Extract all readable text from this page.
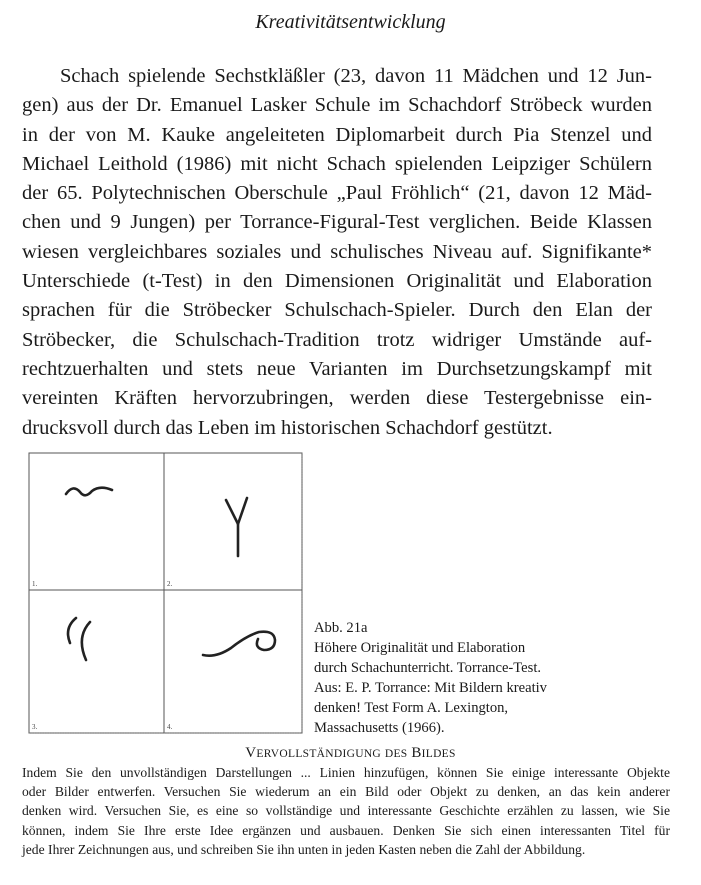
Kreativitätsentwicklung

Schach spielende Sechstkläßler (23, davon 11 Mädchen und 12 Jun-
gen) aus der Dr. Emanuel Lasker Schule im Schachdorf Ströbeck wurden
in der von M. Kauke angeleiteten Diplomarbeit durch Pia Stenzel und
Michael Leithold (1986) mit nicht Schach spielenden Leipziger Schülern
der 65. Polytechnischen Oberschule „Paul Fröhlich“ (21, davon 12 Mäd-
chen und 9 Jungen) per Torrance-Figural-Test verglichen. Beide Klassen
wiesen vergleichbares soziales und schulisches Niveau auf. Signifikante*
Unterschiede (t-Test) in den Dimensionen Originalität und Elaboration
sprachen für die Ströbecker Schulschach-Spieler. Durch den Elan der
Ströbecker, die Schulschach-Tradition trotz widriger Umstände auf-
rechtzuerhalten und stets neue Varianten im Durchsetzungskampf mit
vereinten Kräften hervorzubringen, werden diese Testergebnisse ein-
drucksvoll durch das Leben im historischen Schachdorf gestützt.

1.	2.
3.	4.

Abb. 21a
Höhere Originalität und Elaboration
durch Schachunterricht. Torrance-Test.
Aus: E. P. Torrance: Mit Bildern kreativ
denken! Test Form A. Lexington,
Massachusetts (1966).

VERVOLLSTÄNDIGUNG DES BILDES

Indem Sie den unvollständigen Darstellungen ... Linien hinzufügen, können Sie einige interessante Objekte
oder Bilder entwerfen. Versuchen Sie wiederum an ein Bild oder Objekt zu denken, an das kein anderer
denken wird. Versuchen Sie, es eine so vollständige und interessante Geschichte erzählen zu lassen, wie Sie
können, indem Sie Ihre erste Idee ergänzen und ausbauen. Denken Sie sich einen interessanten Titel für
jede Ihrer Zeichnungen aus, und schreiben Sie ihn unten in jeden Kasten neben die Zahl der Abbildung.
